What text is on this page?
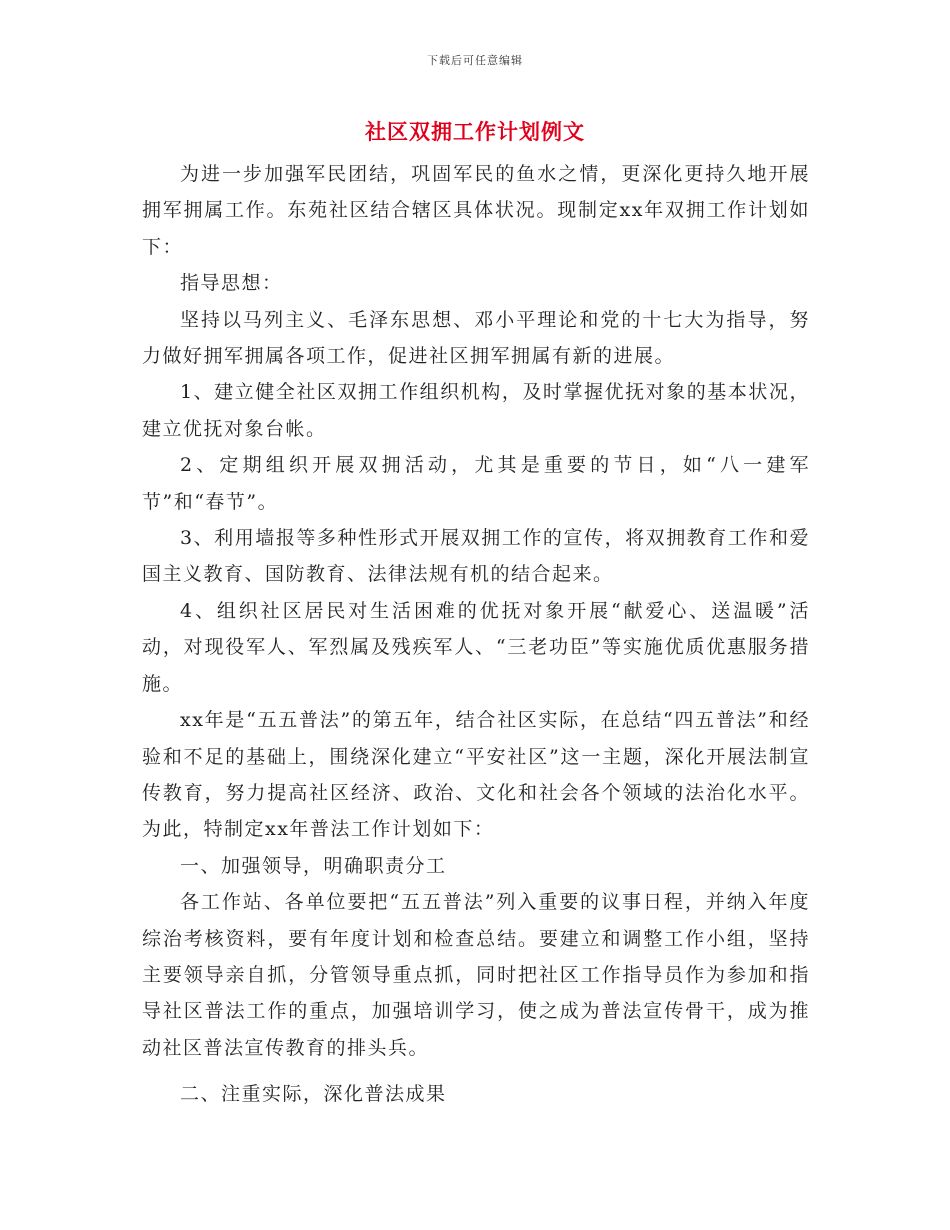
下载后可任意编辑
社区双拥工作计划例文

为进一步加强军民团结，巩固军民的鱼水之情，更深化更持久地开展拥军拥属工作。东苑社区结合辖区具体状况。现制定xx年双拥工作计划如下：

指导思想：

坚持以马列主义、毛泽东思想、邓小平理论和党的十七大为指导，努力做好拥军拥属各项工作，促进社区拥军拥属有新的进展。

1、建立健全社区双拥工作组织机构，及时掌握优抚对象的基本状况，建立优抚对象台帐。

2、定期组织开展双拥活动，尤其是重要的节日，如“八一建军节”和“春节”。

3、利用墙报等多种性形式开展双拥工作的宣传，将双拥教育工作和爱国主义教育、国防教育、法律法规有机的结合起来。

4、组织社区居民对生活困难的优抚对象开展“献爱心、送温暖”活动，对现役军人、军烈属及残疾军人、“三老功臣”等实施优质优惠服务措施。

xx年是“五五普法”的第五年，结合社区实际，在总结“四五普法”和经验和不足的基础上，围绕深化建立“平安社区”这一主题，深化开展法制宣传教育，努力提高社区经济、政治、文化和社会各个领域的法治化水平。为此，特制定xx年普法工作计划如下：

一、加强领导，明确职责分工

各工作站、各单位要把“五五普法”列入重要的议事日程，并纳入年度综治考核资料，要有年度计划和检查总结。要建立和调整工作小组，坚持主要领导亲自抓，分管领导重点抓，同时把社区工作指导员作为参加和指导社区普法工作的重点，加强培训学习，使之成为普法宣传骨干，成为推动社区普法宣传教育的排头兵。

二、注重实际，深化普法成果
